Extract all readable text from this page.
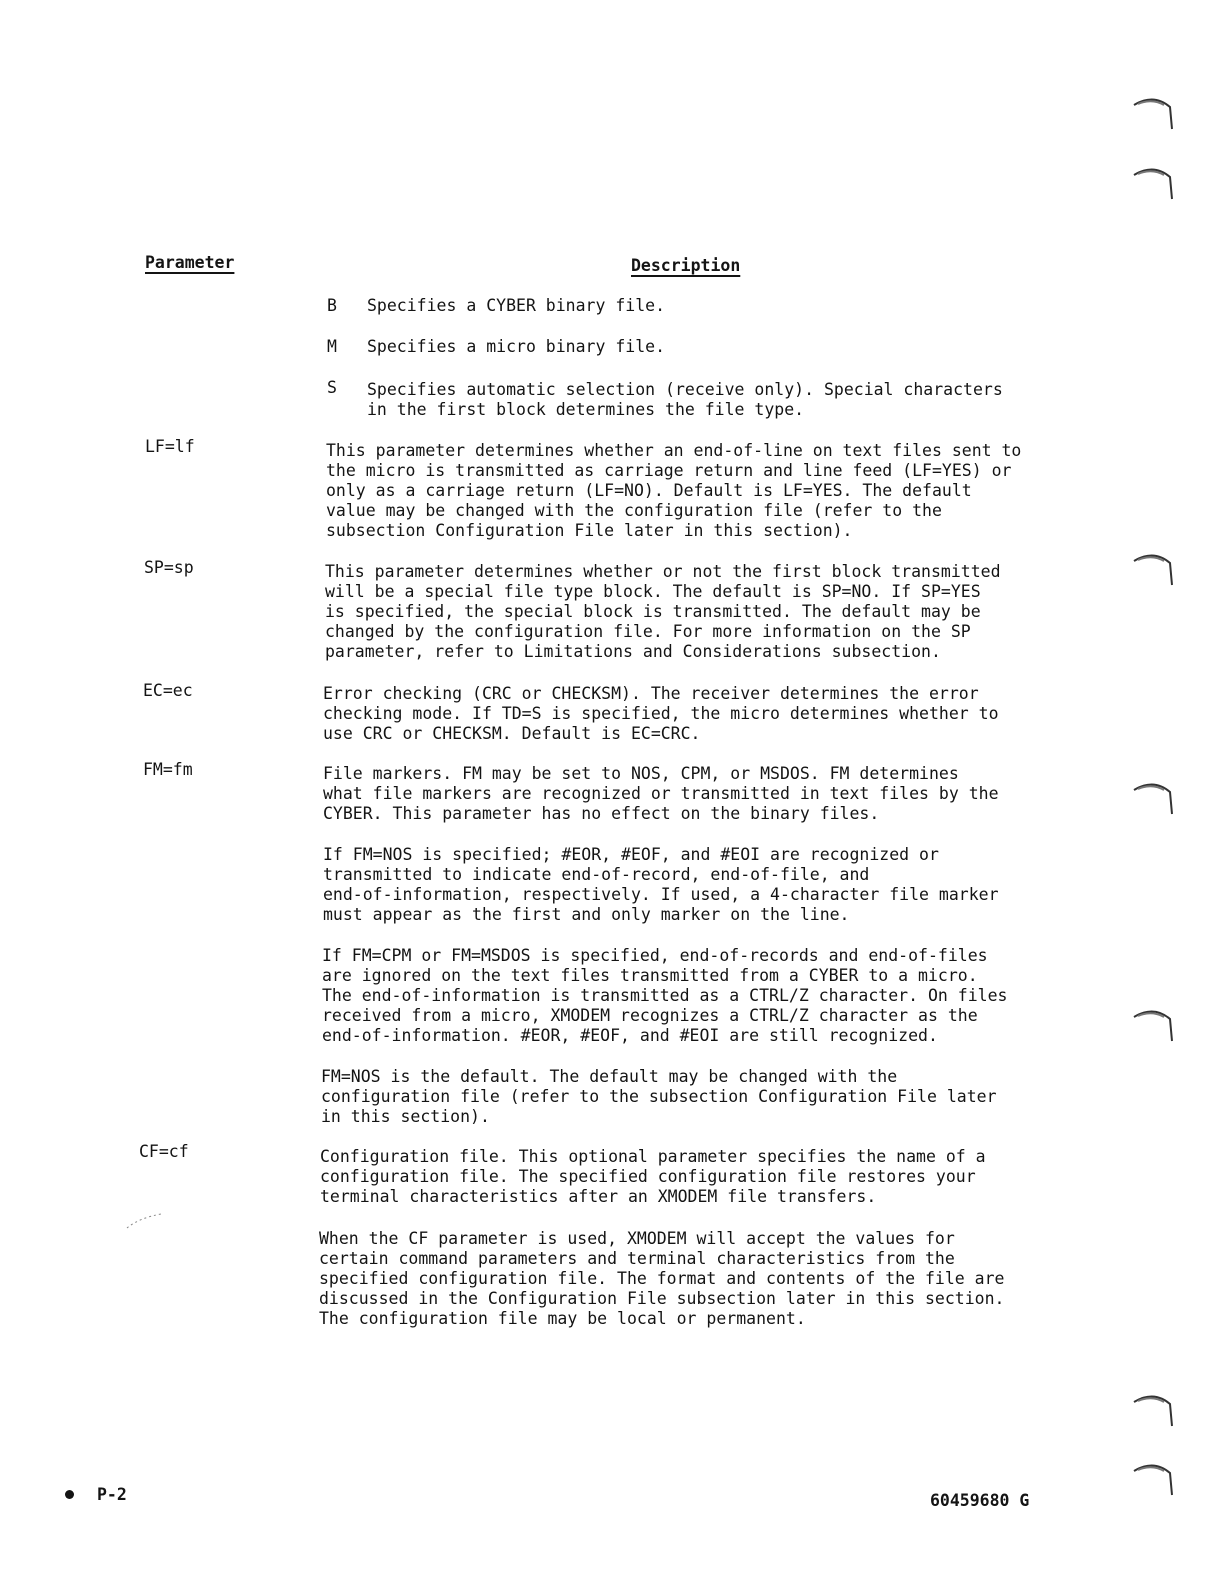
Parameter	Description
B	Specifies a CYBER binary file.
M	Specifies a micro binary file.
S	Specifies automatic selection (receive only). Special characters
in the first block determines the file type.
LF=lf	This parameter determines whether an end-of-line on text files sent to
the micro is transmitted as carriage return and line feed (LF=YES) or
only as a carriage return (LF=NO). Default is LF=YES. The default
value may be changed with the configuration file (refer to the
subsection Configuration File later in this section).
SP=sp	This parameter determines whether or not the first block transmitted
will be a special file type block. The default is SP=NO. If SP=YES
is specified, the special block is transmitted. The default may be
changed by the configuration file. For more information on the SP
parameter, refer to Limitations and Considerations subsection.
EC=ec	Error checking (CRC or CHECKSM). The receiver determines the error
checking mode. If TD=S is specified, the micro determines whether to
use CRC or CHECKSM. Default is EC=CRC.
FM=fm	File markers. FM may be set to NOS, CPM, or MSDOS. FM determines
what file markers are recognized or transmitted in text files by the
CYBER. This parameter has no effect on the binary files.
If FM=NOS is specified; #EOR, #EOF, and #EOI are recognized or
transmitted to indicate end-of-record, end-of-file, and
end-of-information, respectively. If used, a 4-character file marker
must appear as the first and only marker on the line.
If FM=CPM or FM=MSDOS is specified, end-of-records and end-of-files
are ignored on the text files transmitted from a CYBER to a micro.
The end-of-information is transmitted as a CTRL/Z character. On files
received from a micro, XMODEM recognizes a CTRL/Z character as the
end-of-information. #EOR, #EOF, and #EOI are still recognized.
FM=NOS is the default. The default may be changed with the
configuration file (refer to the subsection Configuration File later
in this section).
CF=cf	Configuration file. This optional parameter specifies the name of a
configuration file. The specified configuration file restores your
terminal characteristics after an XMODEM file transfers.
When the CF parameter is used, XMODEM will accept the values for
certain command parameters and terminal characteristics from the
specified configuration file. The format and contents of the file are
discussed in the Configuration File subsection later in this section.
The configuration file may be local or permanent.
P-2	60459680 G
